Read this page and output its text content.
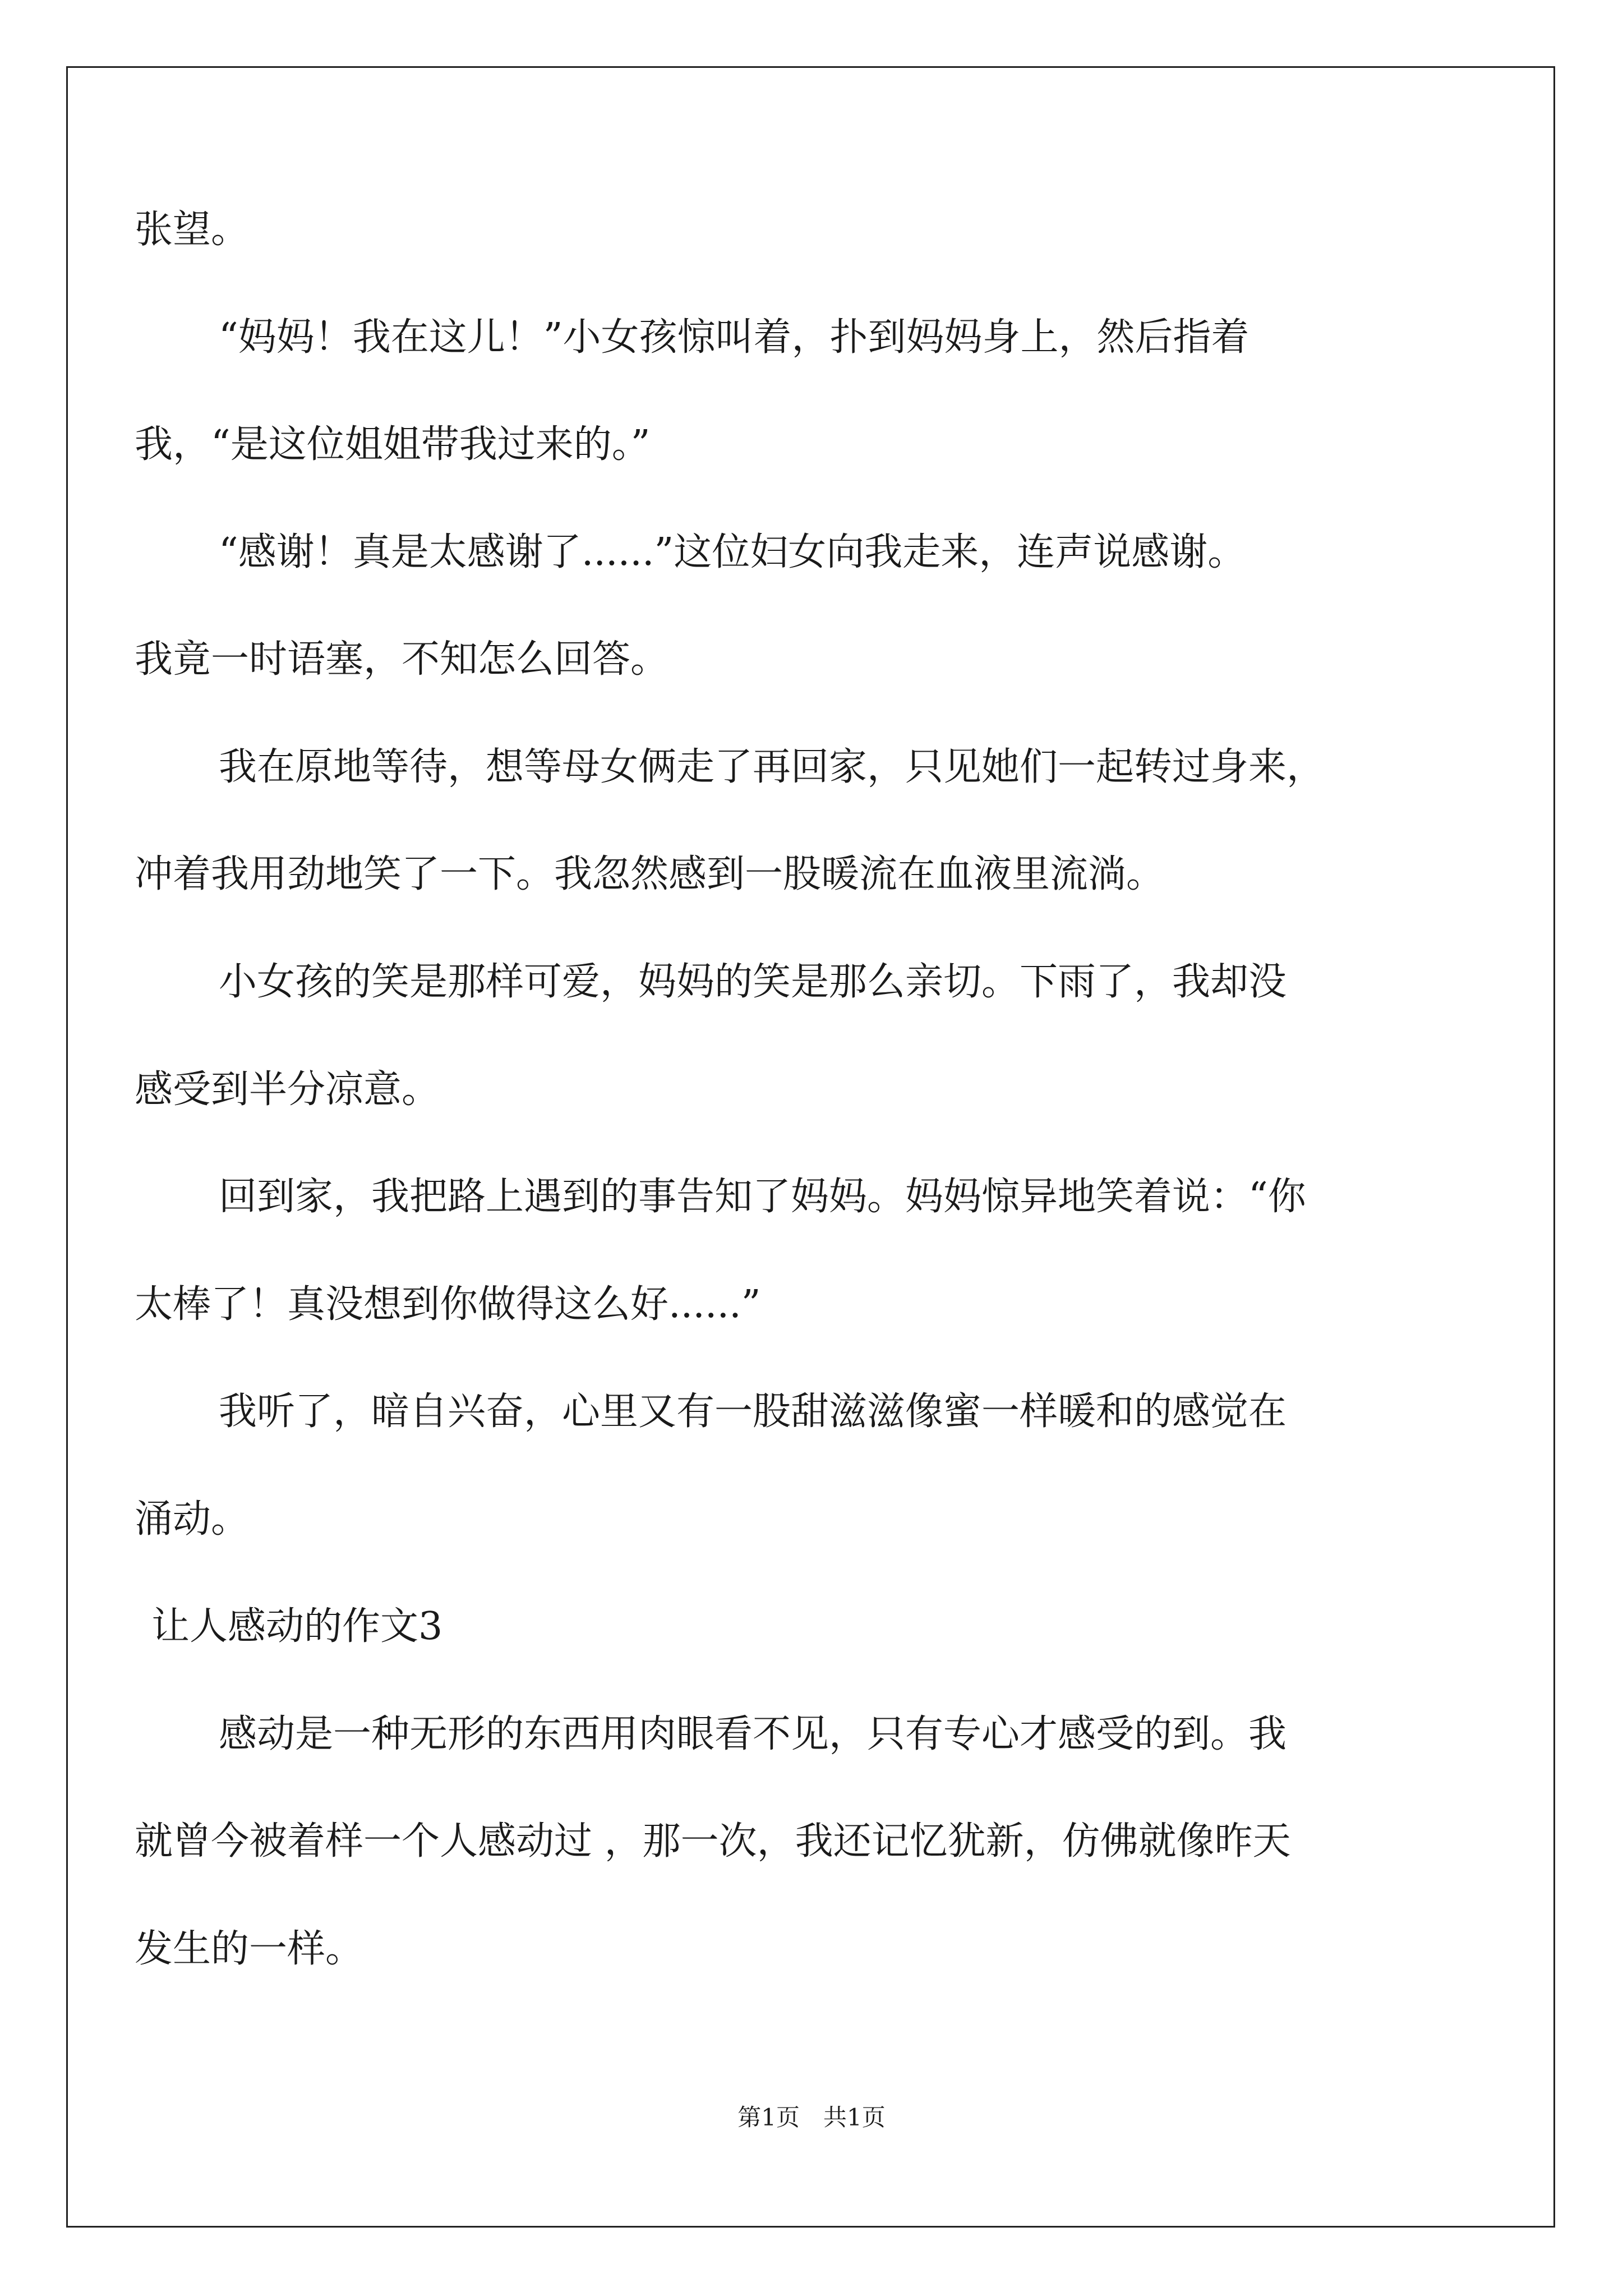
张望。
“妈妈！我在这儿！”小女孩惊叫着，扑到妈妈身上，然后指着
我，“是这位姐姐带我过来的。”
“感谢！真是太感谢了......”这位妇女向我走来，连声说感谢。
我竟一时语塞，不知怎么回答。
我在原地等待，想等母女俩走了再回家，只见她们一起转过身来，
冲着我用劲地笑了一下。我忽然感到一股暖流在血液里流淌。
小女孩的笑是那样可爱，妈妈的笑是那么亲切。下雨了，我却没
感受到半分凉意。
回到家，我把路上遇到的事告知了妈妈。妈妈惊异地笑着说：“你
太棒了！真没想到你做得这么好......”
我听了，暗自兴奋，心里又有一股甜滋滋像蜜一样暖和的感觉在
涌动。
让人感动的作文3
感动是一种无形的东西用肉眼看不见，只有专心才感受的到。我
就曾今被着样一个人感动过 ，那一次，我还记忆犹新，仿佛就像昨天
发生的一样。
第1页　共1页
